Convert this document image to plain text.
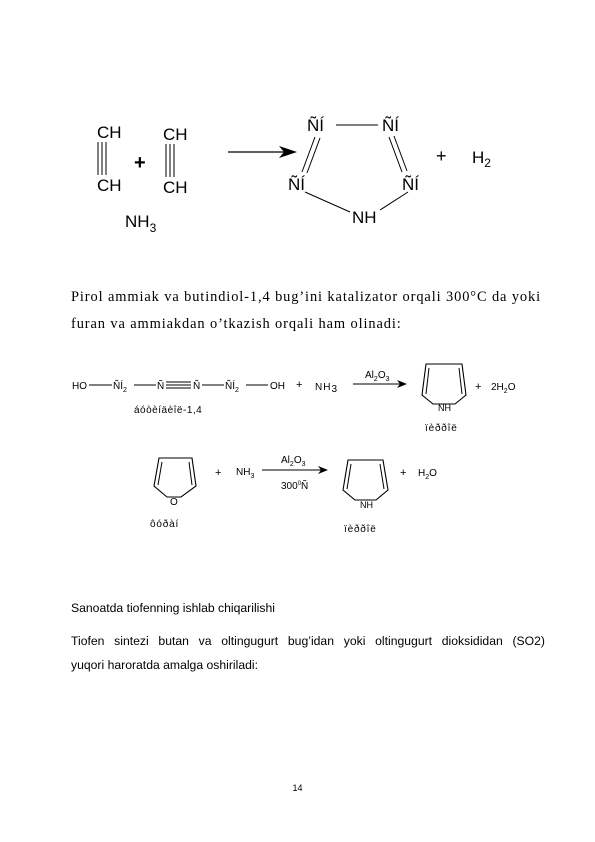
CH
CH
+
CH
CH
$NH_3$
ÑÍ	ÑÍ
ÑÍ	ÑÍ
NH
+ $H_2$
HO	$ÑÍ_2$	Ñ	Ñ $ÑÍ_2$	OH + NH3
$Al_2O_3$
NH
+ $2H_2O$
áóòèíäèîë-1,4
ïèððîë
O
ôóðàí
+ $NH_3$
$Al_2O_3$
$300^0Ñ$
NH
ïèððîë
+ $H_2O$
Pirol ammiak va butindiol-1,4 bug’ini katalizator orqali 300°C da yoki
furan va ammiakdan o’tkazish orqali ham olinadi:
Sanoatda tiofenning ishlab chiqarilishi
Tiofen sintezi butan va oltingugurt bug’idan yoki oltingugurt dioksididan (SO2)
yuqori haroratda amalga oshiriladi:
14
